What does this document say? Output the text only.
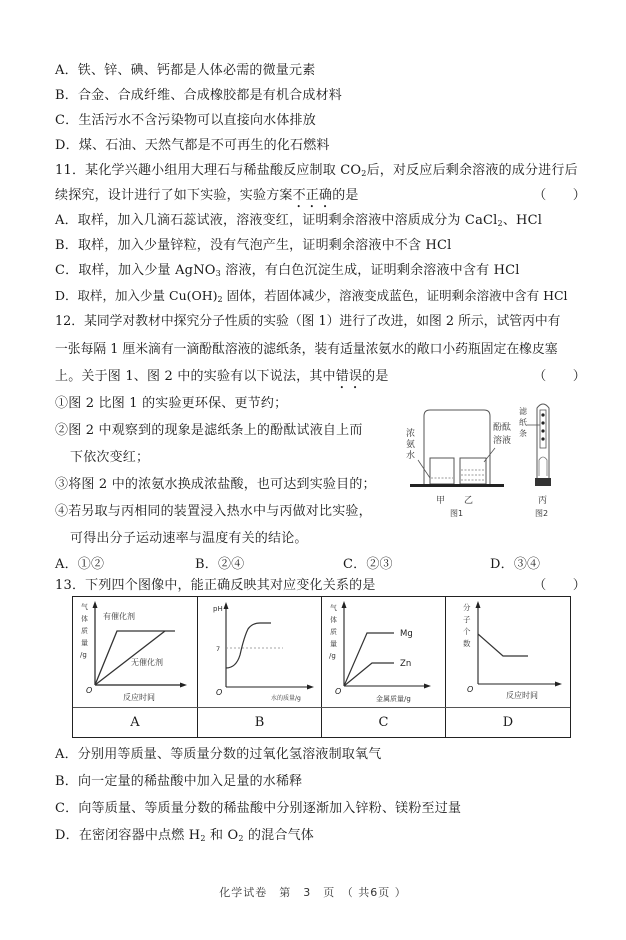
A．铁、锌、碘、钙都是人体必需的微量元素
B．合金、合成纤维、合成橡胶都是有机合成材料
C．生活污水不含污染物可以直接向水体排放
D．煤、石油、天然气都是不可再生的化石燃料
11．某化学兴趣小组用大理石与稀盐酸反应制取 $CO_2$后，对反应后剩余溶液的成分进行后
续探究，设计进行了如下实验，实验方案不正确的是	（　　）
A．取样，加入几滴石蕊试液，溶液变红，证明剩余溶液中溶质成分为 CaCl$_2$、HCl
B．取样，加入少量锌粒，没有气泡产生，证明剩余溶液中不含 HCl
C．取样，加入少量 AgNO$_3$ 溶液，有白色沉淀生成，证明剩余溶液中含有 HCl
D．取样，加入少量 $Cu(OH)_2$ 固体，若固体减少，溶液变成蓝色，证明剩余溶液中含有 HCl
12．某同学对教材中探究分子性质的实验（图 1）进行了改进，如图 2 所示，试管丙中有
一张每隔 1 厘米滴有一滴酚酞溶液的滤纸条，装有适量浓氨水的敞口小药瓶固定在橡皮塞
上。关于图 1、图 2 中的实验有以下说法，其中错误的是	（　　）
①图 2 比图 1 的实验更环保、更节约；
②图 2 中观察到的现象是滤纸条上的酚酞试液自上而
下依次变红；
③将图 2 中的浓氨水换成浓盐酸，也可达到实验目的；
④若另取与丙相同的装置浸入热水中与丙做对比实验，
可得出分子运动速率与温度有关的结论。
A．①②	B．②④	C．②③	D．③④
浓
氨
水
酚酞
溶液
甲 乙
图1
滤
纸
条
丙
图2
13．下列四个图像中，能正确反映其对应变化关系的是	（　　）
气
体
质
量
/g
O
有催化剂
无催化剂
反应时间
pH
7
O
水的质量/g
气
体
质
量
/g
O
Mg
Zn
金属质量/g
分
子
个
数
O
反应时间
A	B	C	D
A．分别用等质量、等质量分数的过氧化氢溶液制取氧气
B．向一定量的稀盐酸中加入足量的水稀释
C．向等质量、等质量分数的稀盐酸中分别逐渐加入锌粉、镁粉至过量
D．在密闭容器中点燃 $H_2$ 和 $O_2$ 的混合气体
化学试卷　第　3　页　（ 共6页 ）
